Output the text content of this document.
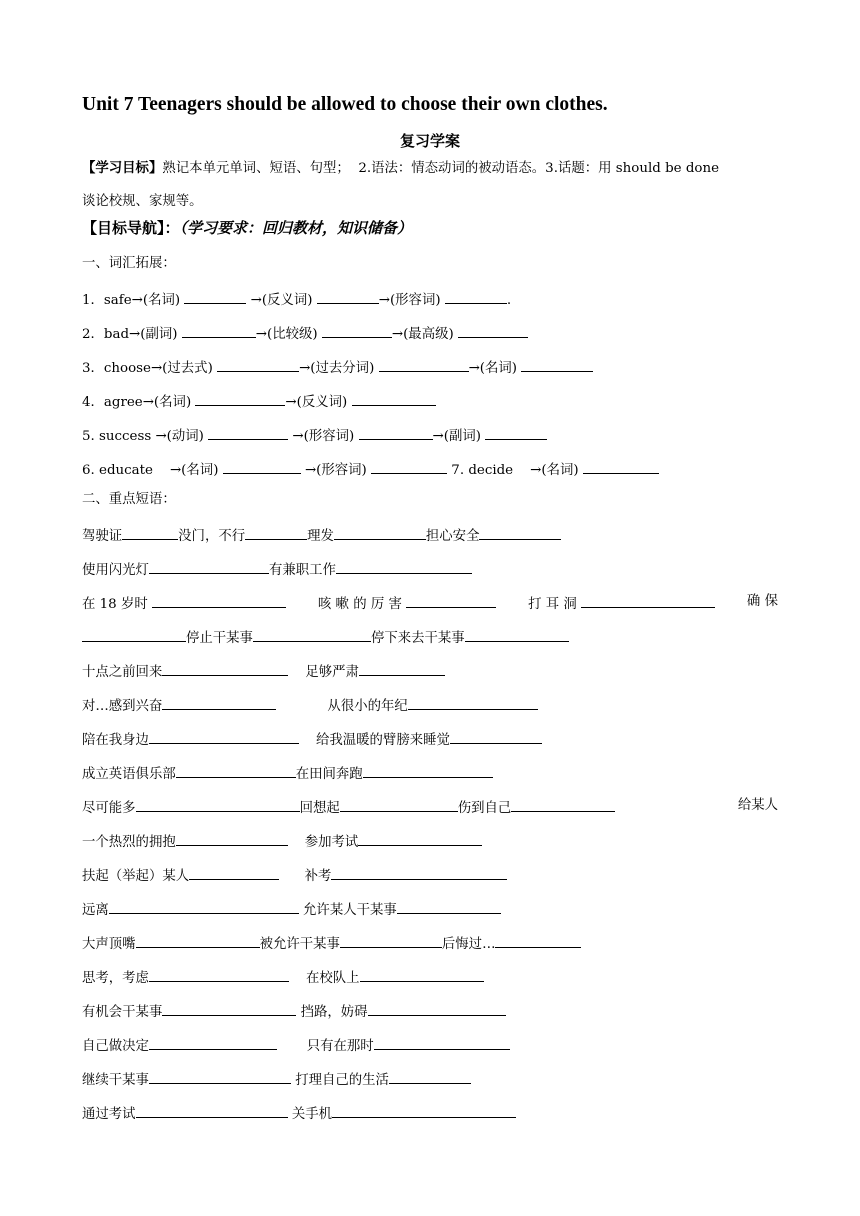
Unit 7 Teenagers should be allowed to choose their own clothes.
复习学案
【学习目标】熟记本单元单词、短语、句型；  2.语法：情态动词的被动语态。3.话题：用 should be done
谈论校规、家规等。
【目标导航】：（学习要求：回归教材，知识储备）
一、词汇拓展：
1．safe→(名词)	→(反义词)	→(形容词)	.
2．bad→(副词)	→(比较级)	→(最高级)
3．choose→(过去式)	→(过去分词)	→(名词)
4．agree→(名词)	→(反义词)
5. success →(动词)	→(形容词)	→(副词)
6. educate    →(名词)	→(形容词)	7. decide    →(名词)
二、重点短语：
驾驶证	没门，不行	理发	担心安全
使用闪光灯	有兼职工作
在 18 岁时	咳 嗽 的 厉 害	打 耳 洞	确 保
停止干某事	停下来去干某事
十点之前回来	足够严肃
对…感到兴奋	从很小的年纪
陪在我身边	给我温暖的臂膀来睡觉
成立英语俱乐部	在田间奔跑
尽可能多	回想起	伤到自己	给某人
一个热烈的拥抱	参加考试
扶起（举起）某人	补考
远离	允许某人干某事
大声顶嘴	被允许干某事	后悔过…
思考，考虑	在校队上
有机会干某事	挡路，妨碍
自己做决定	只有在那时
继续干某事	打理自己的生活
通过考试	关手机
